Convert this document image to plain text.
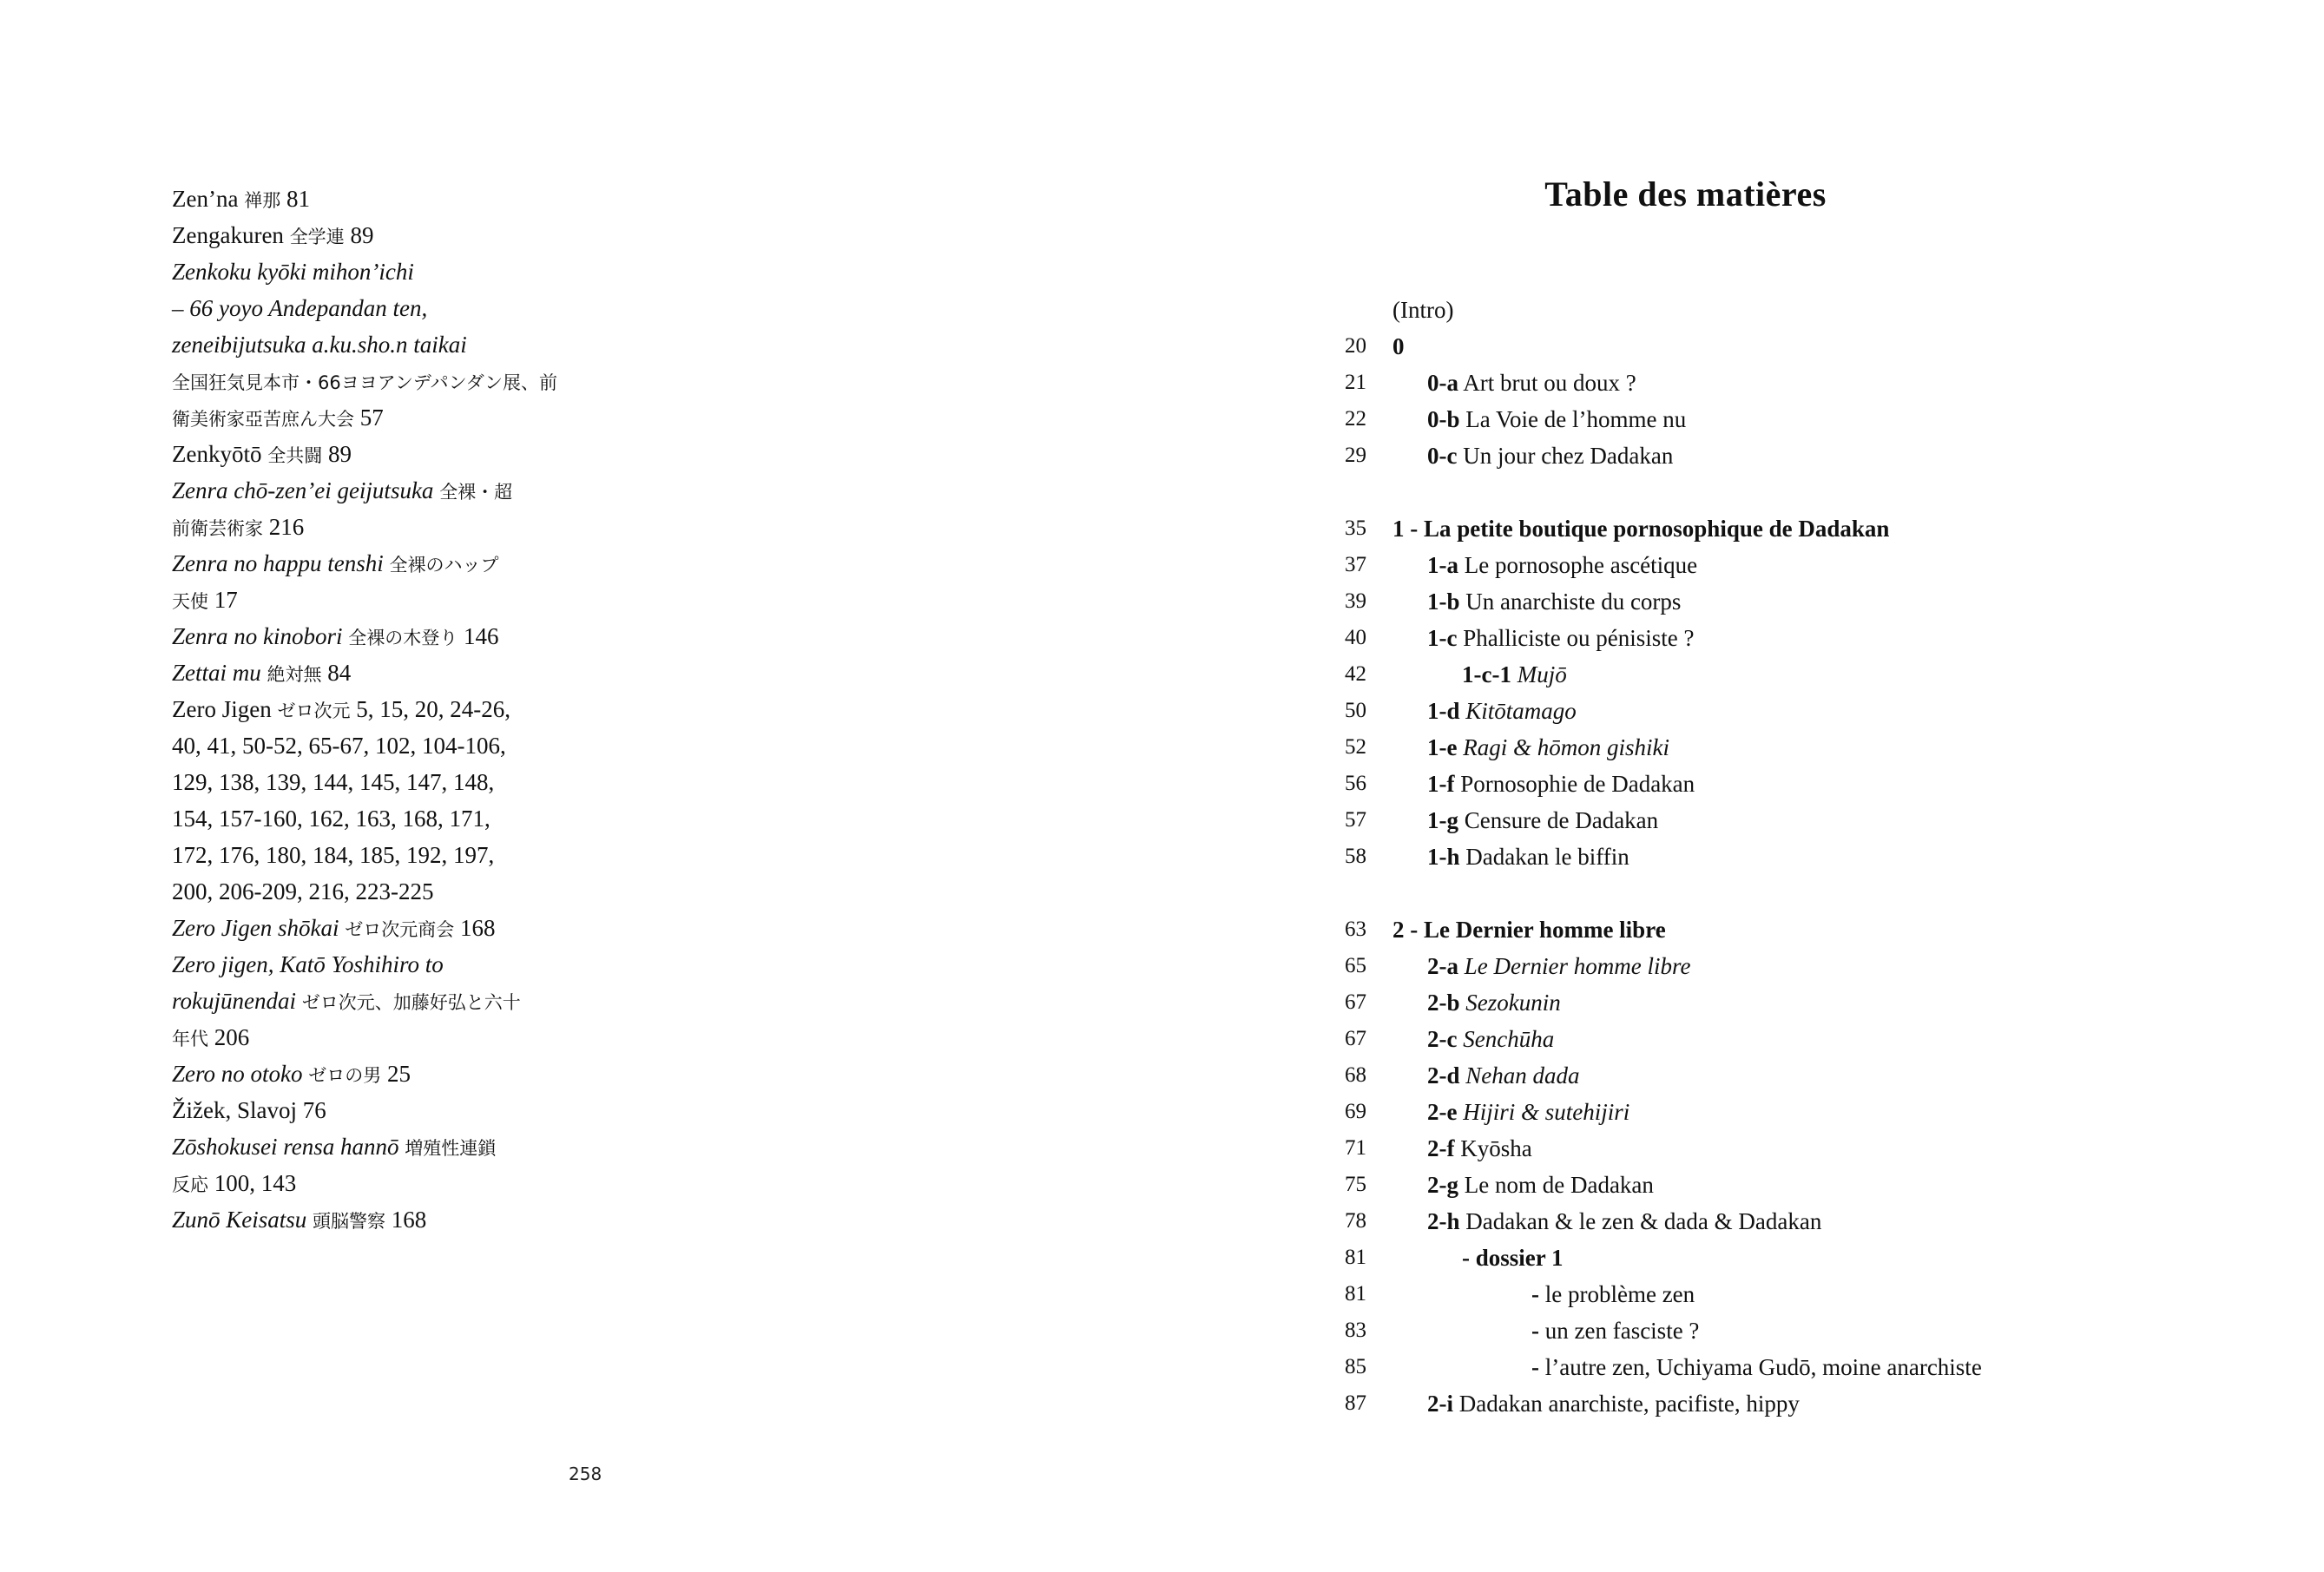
Zen’na 禅那 81
Zengakuren 全学連 89
Zenkoku kyōki mihon’ichi
– 66 yoyo Andepandan ten,
zeneibijutsuka a.ku.sho.n taikai
全国狂気見本市・66ヨヨアンデパンダン展、前
衛美術家亞苦庶ん大会 57
Zenkyōtō 全共闘 89
Zenra chō-zen’ei geijutsuka 全裸・超
前衛芸術家 216
Zenra no happu tenshi 全裸のハップ
天使 17
Zenra no kinobori 全裸の木登り 146
Zettai mu 絶対無 84
Zero Jigen ゼロ次元 5, 15, 20, 24-26,
40, 41, 50-52, 65-67, 102, 104-106,
129, 138, 139, 144, 145, 147, 148,
154, 157-160, 162, 163, 168, 171,
172, 176, 180, 184, 185, 192, 197,
200, 206-209, 216, 223-225
Zero Jigen shōkai ゼロ次元商会 168
Zero jigen, Katō Yoshihiro to
rokujūnendai ゼロ次元、加藤好弘と六十
年代 206
Zero no otoko ゼロの男 25
Žižek, Slavoj 76
Zōshokusei rensa hannō 増殖性連鎖
反応 100, 143
Zunō Keisatsu 頭脳警察 168
258
Table des matières
(Intro)
20 0
21	0-a Art brut ou doux ?
22	0-b La Voie de l’homme nu
29	0-c Un jour chez Dadakan
35 1 - La petite boutique pornosophique de Dadakan
37	1-a Le pornosophe ascétique
39	1-b Un anarchiste du corps
40	1-c Phalliciste ou pénisiste ?
42	1-c-1 Mujō
50	1-d Kitōtamago
52	1-e Ragi & hōmon gishiki
56	1-f Pornosophie de Dadakan
57	1-g Censure de Dadakan
58	1-h Dadakan le biffin
63 2 - Le Dernier homme libre
65	2-a Le Dernier homme libre
67	2-b Sezokunin
67	2-c Senchūha
68	2-d Nehan dada
69	2-e Hijiri & sutehijiri
71	2-f Kyōsha
75	2-g Le nom de Dadakan
78	2-h Dadakan & le zen & dada & Dadakan
81	- dossier 1
81	- le problème zen
83	- un zen fasciste ?
85	- l’autre zen, Uchiyama Gudō, moine anarchiste
87	2-i Dadakan anarchiste, pacifiste, hippy
